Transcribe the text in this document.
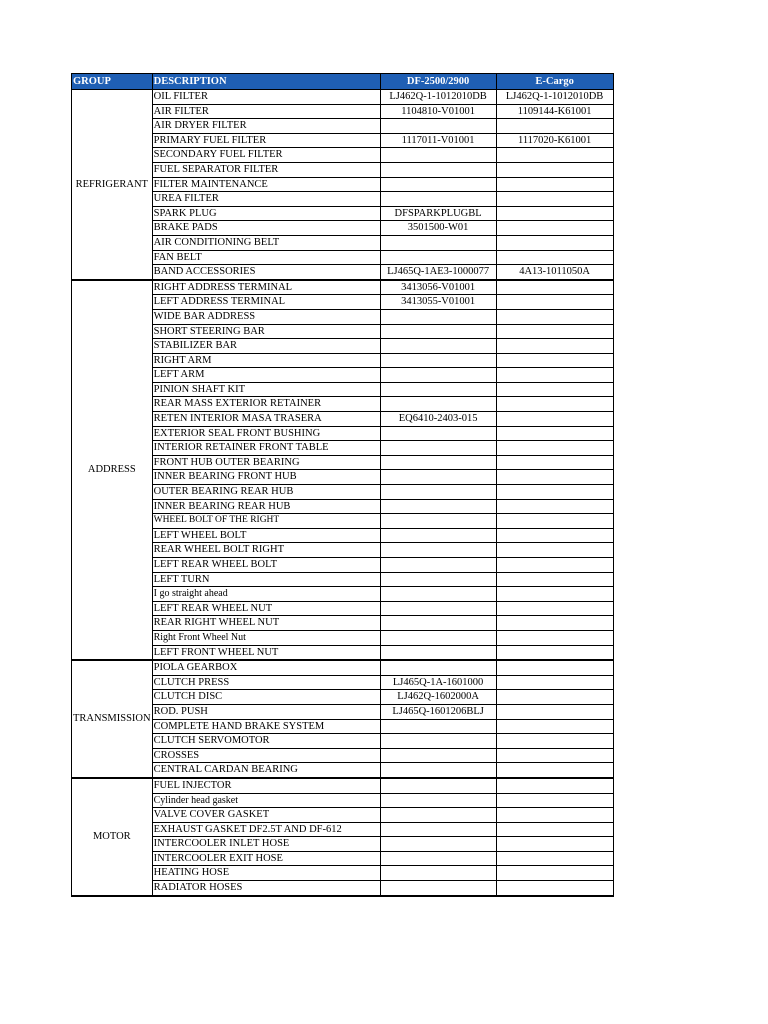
GROUP	DESCRIPTION	DF-2500/2900	E-Cargo
REFRIGERANT	OIL FILTER	LJ462Q-1-1012010DB	LJ462Q-1-1012010DB
	AIR FILTER	1104810-V01001	1109144-K61001
	AIR DRYER FILTER		
	PRIMARY FUEL FILTER	1117011-V01001	1117020-K61001
	SECONDARY FUEL FILTER		
	FUEL SEPARATOR FILTER		
	FILTER MAINTENANCE		
	UREA FILTER		
	SPARK PLUG	DFSPARKPLUGBL	
	BRAKE PADS	3501500-W01	
	AIR CONDITIONING BELT		
	FAN BELT		
	BAND ACCESSORIES	LJ465Q-1AE3-1000077	4A13-1011050A
ADDRESS	RIGHT ADDRESS TERMINAL	3413056-V01001	
	LEFT ADDRESS TERMINAL	3413055-V01001	
	WIDE BAR ADDRESS		
	SHORT STEERING BAR		
	STABILIZER BAR		
	RIGHT ARM		
	LEFT ARM		
	PINION SHAFT KIT		
	REAR MASS EXTERIOR RETAINER		
	RETEN INTERIOR MASA TRASERA	EQ6410-2403-015	
	EXTERIOR SEAL FRONT BUSHING		
	INTERIOR RETAINER FRONT TABLE		
	FRONT HUB OUTER BEARING		
	INNER BEARING FRONT HUB		
	OUTER BEARING REAR HUB		
	INNER BEARING REAR HUB		
	WHEEL BOLT OF THE RIGHT		
	LEFT WHEEL BOLT		
	REAR WHEEL BOLT RIGHT		
	LEFT REAR WHEEL BOLT		
	LEFT TURN		
	I go straight ahead		
	LEFT REAR WHEEL NUT		
	REAR RIGHT WHEEL NUT		
	Right Front Wheel Nut		
	LEFT FRONT WHEEL NUT		
TRANSMISSION	PIOLA GEARBOX		
	CLUTCH PRESS	LJ465Q-1A-1601000	
	CLUTCH DISC	LJ462Q-1602000A	
	ROD. PUSH	LJ465Q-1601206BLJ	
	COMPLETE HAND BRAKE SYSTEM		
	CLUTCH SERVOMOTOR		
	CROSSES		
	CENTRAL CARDAN BEARING		
MOTOR	FUEL INJECTOR		
	Cylinder head gasket		
	VALVE COVER GASKET		
	EXHAUST GASKET DF2.5T AND DF-612		
	INTERCOOLER INLET HOSE		
	INTERCOOLER EXIT HOSE		
	HEATING HOSE		
	RADIATOR HOSES		
